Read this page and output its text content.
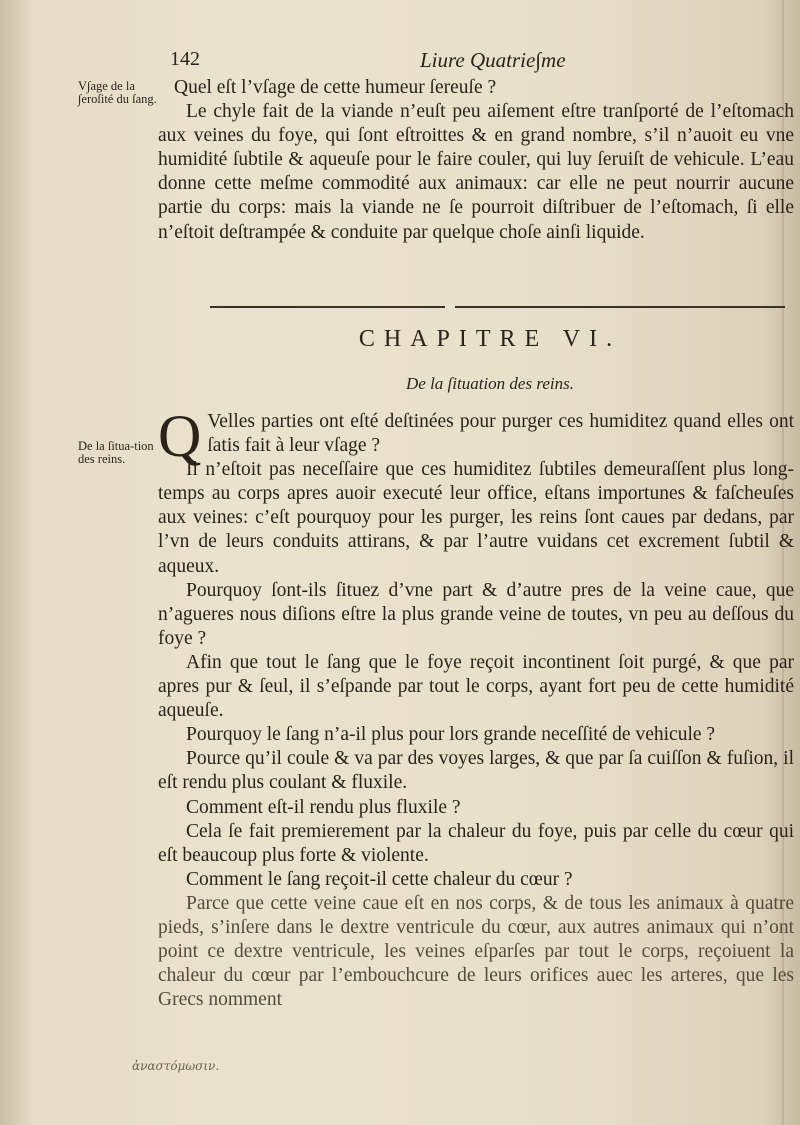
142	Liure Quatrie∫me
V∫age de la ∫eroſité du ſang.
De la ſitua-tion des reins.

Quel eſt l’vſage de cette humeur ſereuſe ?

Le chyle fait de la viande n’euſt peu aiſement eſtre tranſporté de l’eſtomach aux veines du foye, qui ſont eſtroittes & en grand nombre, s’il n’auoit eu vne humidité ſubtile & aqueuſe pour le faire couler, qui luy ſeruiſt de vehicule. L’eau donne cette meſme commodité aux animaux: car elle ne peut nourrir aucune partie du corps: mais la viande ne ſe pourroit diſtribuer de l’eſtomach, ſi elle n’eſtoit deſtrampée & conduite par quelque choſe ainſi liquide.

CHAPITRE VI.
De la ſituation des reins.

Q Velles parties ont eſté deſtinées pour purger ces humiditez quand elles ont ſatis fait à leur vſage ?

Il n’eſtoit pas neceſſaire que ces humiditez ſubtiles demeuraſſent plus long-temps au corps apres auoir executé leur office, eſtans importunes & faſcheuſes aux veines: c’eſt pourquoy pour les purger, les reins ſont caues par dedans, par l’vn de leurs conduits attirans, & par l’autre vuidans cet excrement ſubtil & aqueux.

Pourquoy ſont-ils ſituez d’vne part & d’autre pres de la veine caue, que n’agueres nous diſions eſtre la plus grande veine de toutes, vn peu au deſſous du foye ?

Afin que tout le ſang que le foye reçoit incontinent ſoit purgé, & que par apres pur & ſeul, il s’eſpande par tout le corps, ayant fort peu de cette humidité aqueuſe.

Pourquoy le ſang n’a-il plus pour lors grande neceſſité de vehicule ?

Pource qu’il coule & va par des voyes larges, & que par ſa cuiſſon & fuſion, il eſt rendu plus coulant & fluxile.

Comment eſt-il rendu plus fluxile ?

Cela ſe fait premierement par la chaleur du foye, puis par celle du cœur qui eſt beaucoup plus forte & violente.

Comment le ſang reçoit-il cette chaleur du cœur ?

Parce que cette veine caue eſt en nos corps, & de tous les animaux à quatre pieds, s’inſere dans le dextre ventricule du cœur, aux autres animaux qui n’ont point ce dextre ventricule, les veines eſparſes par tout le corps, reçoiuent la chaleur du cœur par l’embouchcure de leurs orifices auec les arteres, que les Grecs nomment

ἀναστόμωσιν.
